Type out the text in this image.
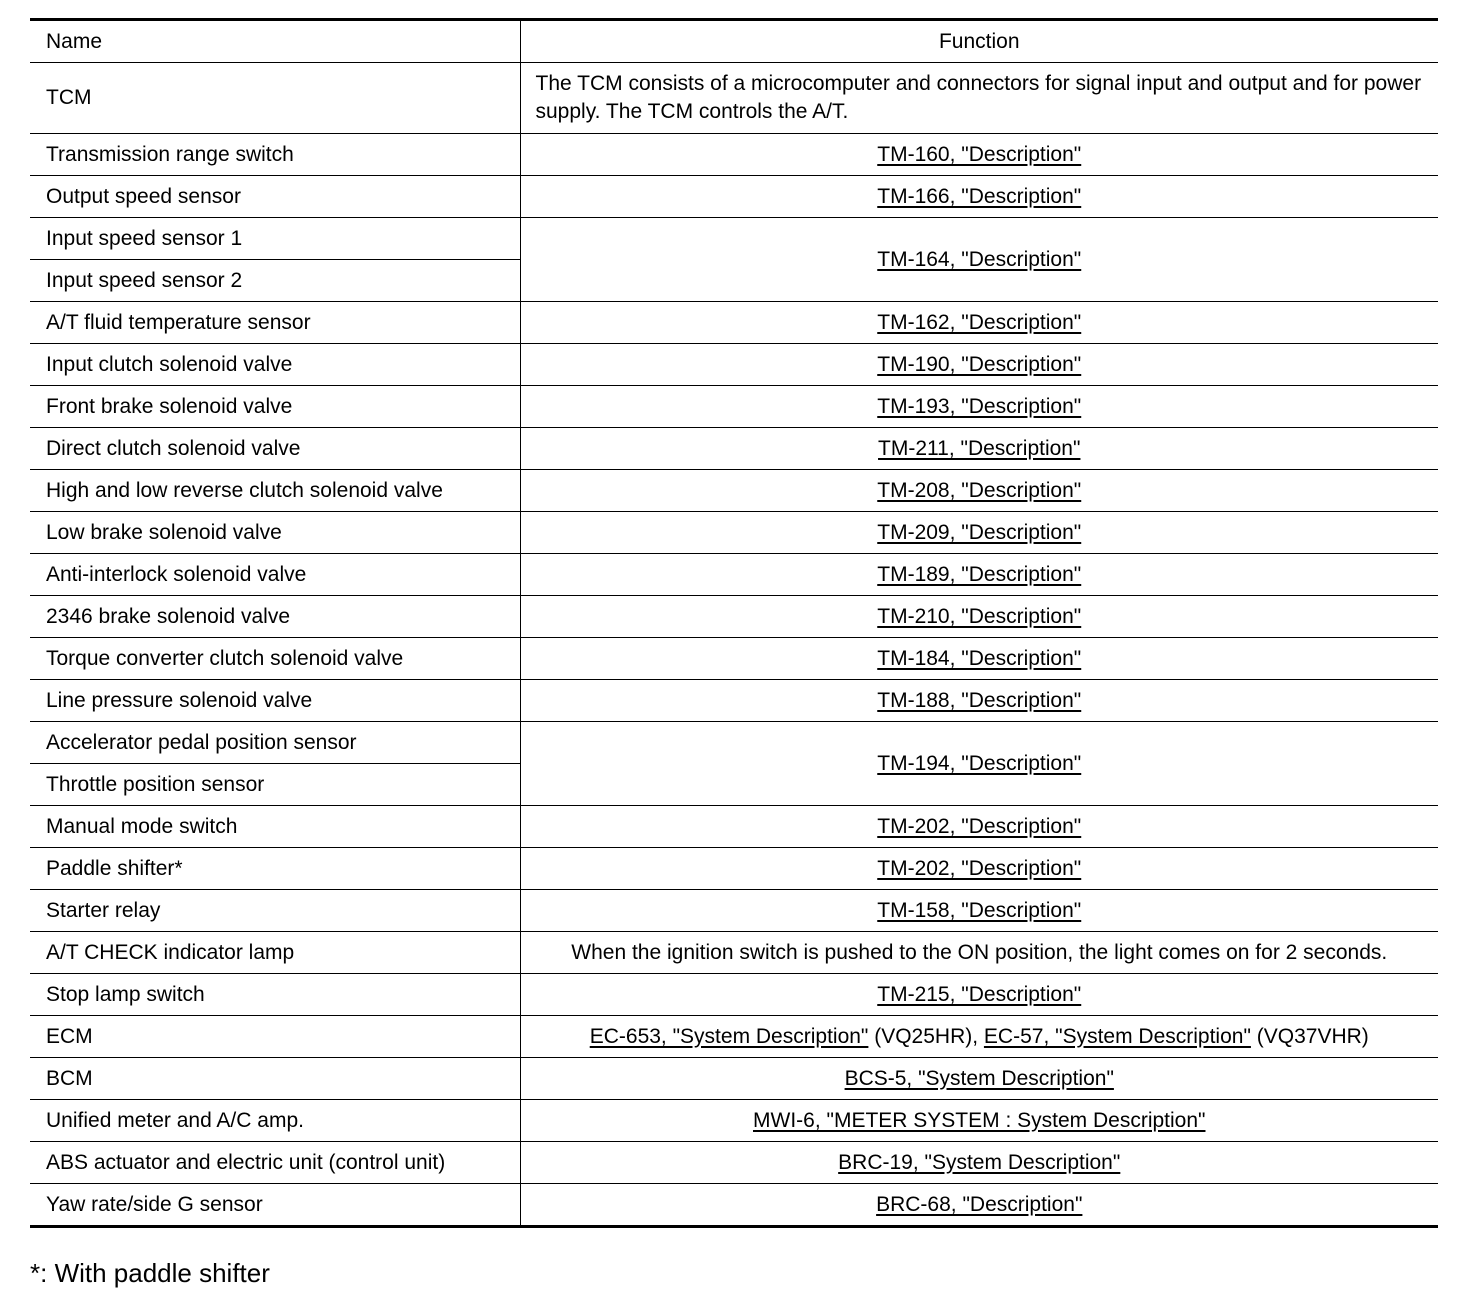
Name	Function
TCM	The TCM consists of a microcomputer and connectors for signal input and output and for power supply. The TCM controls the A/T.
Transmission range switch	TM-160, "Description"
Output speed sensor	TM-166, "Description"
Input speed sensor 1	TM-164, "Description"
Input speed sensor 2	
A/T fluid temperature sensor	TM-162, "Description"
Input clutch solenoid valve	TM-190, "Description"
Front brake solenoid valve	TM-193, "Description"
Direct clutch solenoid valve	TM-211, "Description"
High and low reverse clutch solenoid valve	TM-208, "Description"
Low brake solenoid valve	TM-209, "Description"
Anti-interlock solenoid valve	TM-189, "Description"
2346 brake solenoid valve	TM-210, "Description"
Torque converter clutch solenoid valve	TM-184, "Description"
Line pressure solenoid valve	TM-188, "Description"
Accelerator pedal position sensor	TM-194, "Description"
Throttle position sensor	
Manual mode switch	TM-202, "Description"
Paddle shifter*	TM-202, "Description"
Starter relay	TM-158, "Description"
A/T CHECK indicator lamp	When the ignition switch is pushed to the ON position, the light comes on for 2 seconds.
Stop lamp switch	TM-215, "Description"
ECM	EC-653, "System Description" (VQ25HR), EC-57, "System Description" (VQ37VHR)
BCM	BCS-5, "System Description"
Unified meter and A/C amp.	MWI-6, "METER SYSTEM : System Description"
ABS actuator and electric unit (control unit)	BRC-19, "System Description"
Yaw rate/side G sensor	BRC-68, "Description"
*: With paddle shifter
